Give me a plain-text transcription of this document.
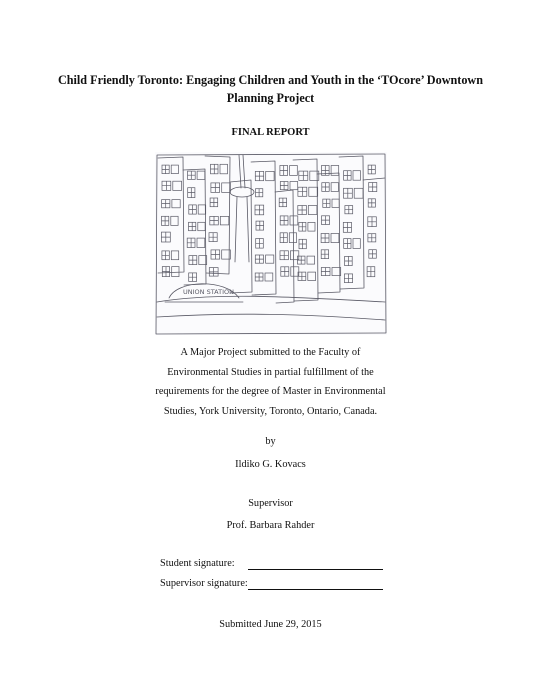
Child Friendly Toronto: Engaging Children and Youth in the ‘TOcore’ Downtown
Planning Project
FINAL REPORT
UNION STATION
A Major Project submitted to the Faculty of
Environmental Studies in partial fulfillment of the
requirements for the degree of Master in Environmental
Studies, York University, Toronto, Ontario, Canada.
by
Ildiko G. Kovacs
Supervisor
Prof. Barbara Rahder
Student signature:
Supervisor signature:
Submitted June 29, 2015
